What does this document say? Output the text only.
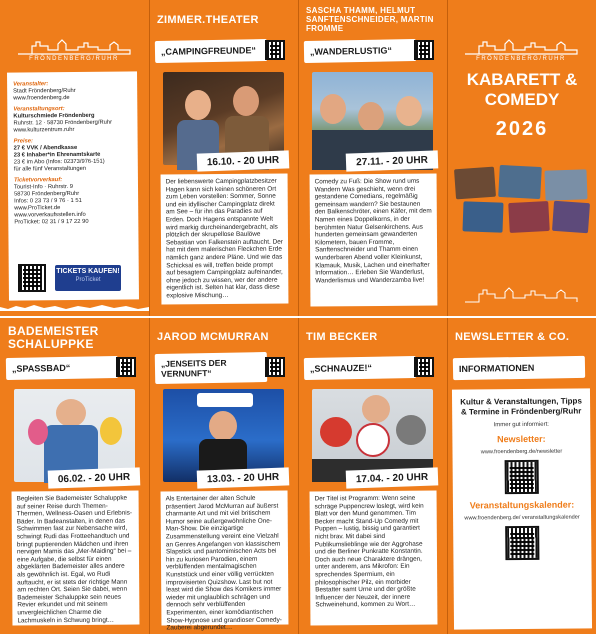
FRÖNDENBERG/RUHR
Veranstalter:
Stadt Fröndenberg/Ruhr
www.froendenberg.de
Veranstaltungsort:
Kulturschmiede Fröndenberg
Ruhrstr. 12 · 58730 Fröndenberg/Ruhr
www.kulturzentrum.ruhr
Preise:
27 € VVK / Abendkasse
23 € Inhaber*in Ehrenamtskarte
23 € im Abo (Infos: 02373/976-151)
für alle fünf Veranstaltungen
Ticketvorverkauf:
Tourist-Info · Ruhrstr. 9
58730 Fröndenberg/Ruhr
Infos: 0 23 73 / 9 76 · 1 51
www.ProTicket.de
www.vorverkaufsstellen.info
ProTicket: 02 31 / 9 17 22 90
TICKETS KAUFEN!
ProTicket
ZIMMER.THEATER
„CAMPINGFREUNDE“
16.10. - 20 UHR
Der liebenswerte Campingplatzbesitzer Hagen kann sich keinen schöneren Ort zum Leben vorstellen: Sommer, Sonne und ein idyllischer Campingplatz direkt am See – für ihn das Paradies auf Erden. Doch Hagens entspannte Welt wird markig durcheinandergebracht, als plötzlich der skrupellose Baulöwe Sebastian von Falkenstein auftaucht. Der hat mit dem malerischen Fleckchen Erde nämlich ganz andere Pläne. Und wie das Schicksal es will, treffen beide prompt auf besagtem Campingplatz aufeinander, ohne jedoch zu wissen, wer der andere eigentlich ist. Selten hat klar, dass diese explosive Mischung…
SASCHA THAMM, HELMUT SANFTENSCHNEIDER, MARTIN FROMME
„WANDERLUSTIG“
27.11. - 20 UHR
Comedy zu Fuß: Die Show rund ums Wandern Was geschieht, wenn drei gestandene Comedians, regelmäßig gemeinsam wandern? Sie bestaunen den Balkenschröter, einen Käfer, mit dem Namen eines Doppelkorns, in der berühmten Natur Gelsenkirchens. Aus hunderten gemeinsam gewanderten Kilometern, bauen Fromme, Sanftenschneider und Thamm einen wunderbaren Abend voller Kleinkunst, Klamauk, Musik, Lachen und einerhafter Information… Erleben Sie Wanderlust, Wanderlismus und Wanderzamba live!
FRÖNDENBERG/RUHR
KABARETT &
COMEDY
2026
BADEMEISTER SCHALUPPKE
„SPASSBAD“
06.02. - 20 UHR
Begleiten Sie Bademeister Schaluppke auf seiner Reise durch Themen-Thermen, Wellness-Oasen und Erlebnis-Bäder. In Badeanstalten, in denen das Schwimmen fast zur Nebensache wird, schwingt Rudi das Frotteehandtuch und bringt puptierenden Mädchen und ihren nervigen Mamis das „Mer-Maiding“ bei – eine Aufgabe, die selbst für einen abgeklärten Bademeister alles andere als gewöhnlich ist. Egal, wo Rudi auftaucht, er ist stets der richtige Mann am rechten Ort. Seien Sie dabei, wenn Bademeister Schaluppke sein neues Revier erkundet und mit seinem unvergleichlichen Charme die Lachmuskeln in Schwung bringt…
JAROD MCMURRAN
„JENSEITS DER
VERNUNFT“
13.03. - 20 UHR
Als Entertainer der alten Schule präsentiert Jarod McMurran auf äußerst charmante Art und mit viel britischem Humor seine außergewöhnliche One-Man-Show. Die einzigartige Zusammenstellung vereint eine Vielzahl an Genres Angefangen von klassischem Slapstick und pantomimischen Acts bei hin zu kuriosen Parodien, einem verblüffenden mentalmagischen Kunststück und einer völlig verrückten improvisierten Quizshow. Last but not least wird die Show des Komikers immer wieder mit unglaublich schrägen und dennoch sehr verblüffenden Experimenten, einer komödiantischen Show-Hypnose und grandioser Comedy-Zauberei abgerundet…
TIM BECKER
„SCHNAUZE!“
17.04. - 20 UHR
Der Titel ist Programm: Wenn seine schräge Puppencrew loslegt, wird kein Blatt vor den Mund genommen. Tim Becker macht Stand-Up Comedy mit Puppen – lustig, bissig und garantiert nicht brav. Mit dabei sind Publikumslieblinge wie der Aggrohase und die Berliner Punkratte Konstantin. Doch auch neue Charaktere drängen, unter anderem, ans Mikrofon: Ein sprechendes Spermium, ein philosophischer Pilz, ein morbider Bestatter samt Urne und der größte Influencer der Neuzeit, der innere Schweinehund, kommen zu Wort…
NEWSLETTER & CO.
INFORMATIONEN
Kultur & Veranstaltungen, Tipps & Termine in Fröndenberg/Ruhr
Immer gut informiert:
Newsletter:
www.froendenberg.de/newsletter
Veranstaltungskalender:
www.froendenberg.de/ veranstaltungskalender
